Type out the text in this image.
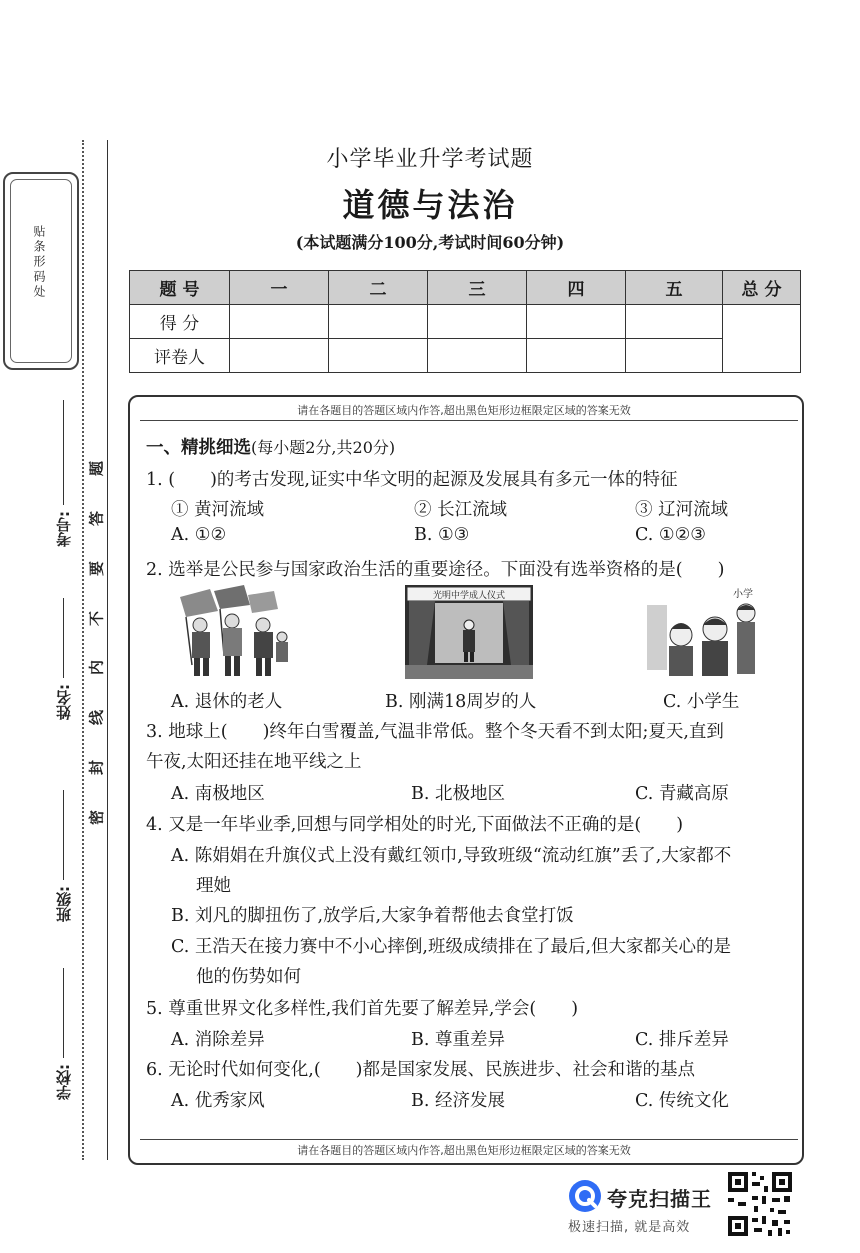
贴条形码处
考号:
姓名:
班级:
学校:
题
答
要
不
内
线
封
密
小学毕业升学考试题
道德与法治
(本试题满分100分,考试时间60分钟)
题 号	一	二	三	四	五	总 分
得 分						
评卷人						
请在各题目的答题区域内作答,超出黑色矩形边框限定区域的答案无效
请在各题目的答题区域内作答,超出黑色矩形边框限定区域的答案无效
一、精挑细选(每小题2分,共20分)
1. (　　)的考古发现,证实中华文明的起源及发展具有多元一体的特征
① 黄河流域	② 长江流域	③ 辽河流域
A. ①②	B. ①③	C. ①②③
2. 选举是公民参与国家政治生活的重要途径。下面没有选举资格的是(　　)
光明中学成人仪式	小学
A. 退休的老人	B. 刚满18周岁的人	C. 小学生
3. 地球上(　　)终年白雪覆盖,气温非常低。整个冬天看不到太阳;夏天,直到
午夜,太阳还挂在地平线之上
A. 南极地区	B. 北极地区	C. 青藏高原
4. 又是一年毕业季,回想与同学相处的时光,下面做法不正确的是(　　)
A. 陈娟娟在升旗仪式上没有戴红领巾,导致班级“流动红旗”丢了,大家都不
理她
B. 刘凡的脚扭伤了,放学后,大家争着帮他去食堂打饭
C. 王浩天在接力赛中不小心摔倒,班级成绩排在了最后,但大家都关心的是
他的伤势如何
5. 尊重世界文化多样性,我们首先要了解差异,学会(　　)
A. 消除差异	B. 尊重差异	C. 排斥差异
6. 无论时代如何变化,(　　)都是国家发展、民族进步、社会和谐的基点
A. 优秀家风	B. 经济发展	C. 传统文化
夸克扫描王
极速扫描, 就是高效
